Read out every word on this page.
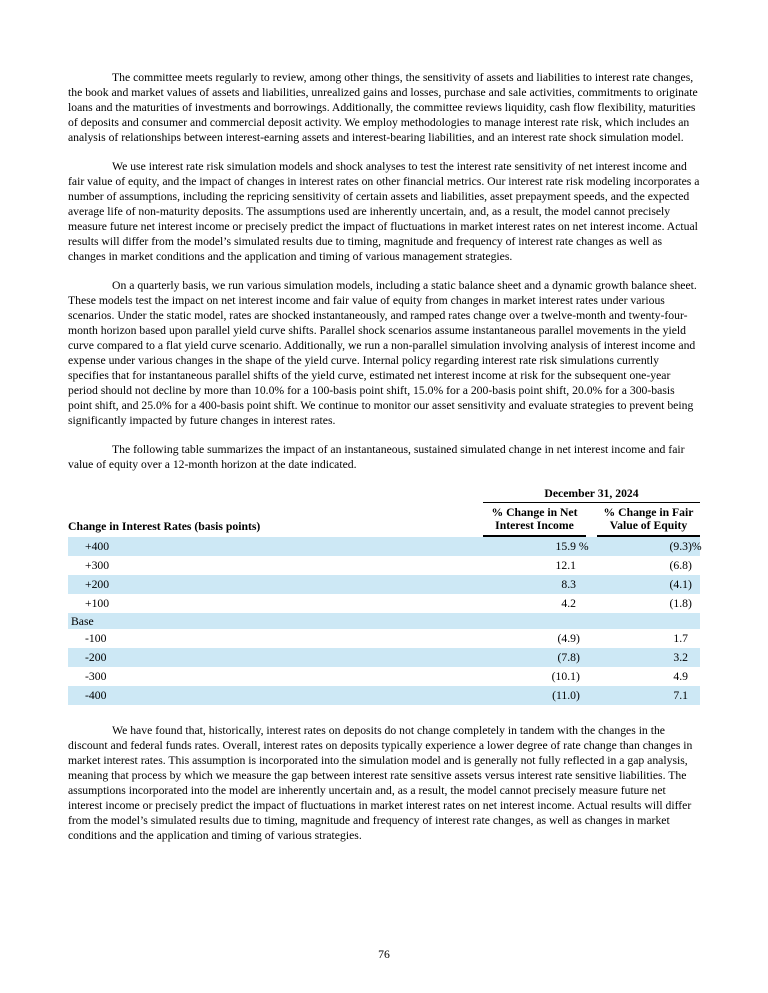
The committee meets regularly to review, among other things, the sensitivity of assets and liabilities to interest rate changes, the book and market values of assets and liabilities, unrealized gains and losses, purchase and sale activities, commitments to originate loans and the maturities of investments and borrowings. Additionally, the committee reviews liquidity, cash flow flexibility, maturities of deposits and consumer and commercial deposit activity. We employ methodologies to manage interest rate risk, which includes an analysis of relationships between interest-earning assets and interest-bearing liabilities, and an interest rate shock simulation model.

We use interest rate risk simulation models and shock analyses to test the interest rate sensitivity of net interest income and fair value of equity, and the impact of changes in interest rates on other financial metrics. Our interest rate risk modeling incorporates a number of assumptions, including the repricing sensitivity of certain assets and liabilities, asset prepayment speeds, and the expected average life of non-maturity deposits. The assumptions used are inherently uncertain, and, as a result, the model cannot precisely measure future net interest income or precisely predict the impact of fluctuations in market interest rates on net interest income. Actual results will differ from the model’s simulated results due to timing, magnitude and frequency of interest rate changes as well as changes in market conditions and the application and timing of various management strategies.

On a quarterly basis, we run various simulation models, including a static balance sheet and a dynamic growth balance sheet. These models test the impact on net interest income and fair value of equity from changes in market interest rates under various scenarios. Under the static model, rates are shocked instantaneously, and ramped rates change over a twelve-month and twenty-four-month horizon based upon parallel yield curve shifts. Parallel shock scenarios assume instantaneous parallel movements in the yield curve compared to a flat yield curve scenario. Additionally, we run a non-parallel simulation involving analysis of interest income and expense under various changes in the shape of the yield curve. Internal policy regarding interest rate risk simulations currently specifies that for instantaneous parallel shifts of the yield curve, estimated net interest income at risk for the subsequent one-year period should not decline by more than 10.0% for a 100-basis point shift, 15.0% for a 200-basis point shift, 20.0% for a 300-basis point shift, and 25.0% for a 400-basis point shift. We continue to monitor our asset sensitivity and evaluate strategies to prevent being significantly impacted by future changes in interest rates.

The following table summarizes the impact of an instantaneous, sustained simulated change in net interest income and fair value of equity over a 12-month horizon at the date indicated.

December 31, 2024
Change in Interest Rates (basis points)
% Change in Net
Interest Income
% Change in Fair
Value of Equity
+400	15.9 %	(9.3 )%
+300	12.1	(6.8 )
+200	8.3	(4.1 )
+100	4.2	(1.8 )
Base
-100	(4.9 )	1.7
-200	(7.8 )	3.2
-300	(10.1 )	4.9
-400	(11.0 )	7.1

We have found that, historically, interest rates on deposits do not change completely in tandem with the changes in the discount and federal funds rates. Overall, interest rates on deposits typically experience a lower degree of rate change than changes in market interest rates. This assumption is incorporated into the simulation model and is generally not fully reflected in a gap analysis, meaning that process by which we measure the gap between interest rate sensitive assets versus interest rate sensitive liabilities. The assumptions incorporated into the model are inherently uncertain and, as a result, the model cannot precisely measure future net interest income or precisely predict the impact of fluctuations in market interest rates on net interest income. Actual results will differ from the model’s simulated results due to timing, magnitude and frequency of interest rate changes, as well as changes in market conditions and the application and timing of various strategies.

76
